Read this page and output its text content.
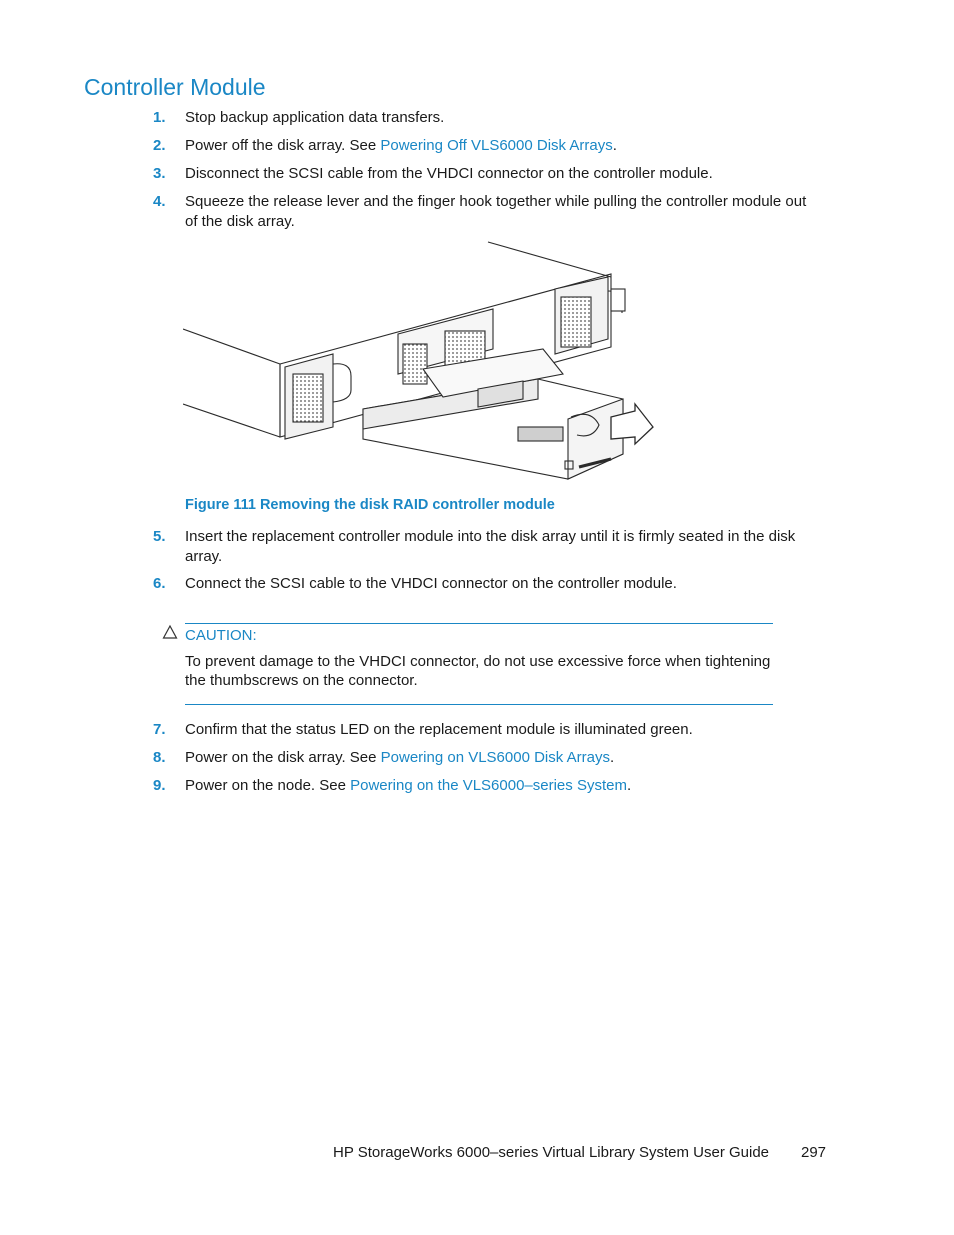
Controller Module
1.	Stop backup application data transfers.
2.	Power off the disk array. See Powering Off VLS6000 Disk Arrays.
3.	Disconnect the SCSI cable from the VHDCI connector on the controller module.
4.	Squeeze the release lever and the finger hook together while pulling the controller module out of the disk array.
Figure 111 Removing the disk RAID controller module
5.	Insert the replacement controller module into the disk array until it is firmly seated in the disk array.
6.	Connect the SCSI cable to the VHDCI connector on the controller module.
CAUTION:
To prevent damage to the VHDCI connector, do not use excessive force when tightening the thumbscrews on the connector.
7.	Confirm that the status LED on the replacement module is illuminated green.
8.	Power on the disk array. See Powering on VLS6000 Disk Arrays.
9.	Power on the node. See Powering on the VLS6000–series System.
HP StorageWorks 6000–series Virtual Library System User Guide 297
